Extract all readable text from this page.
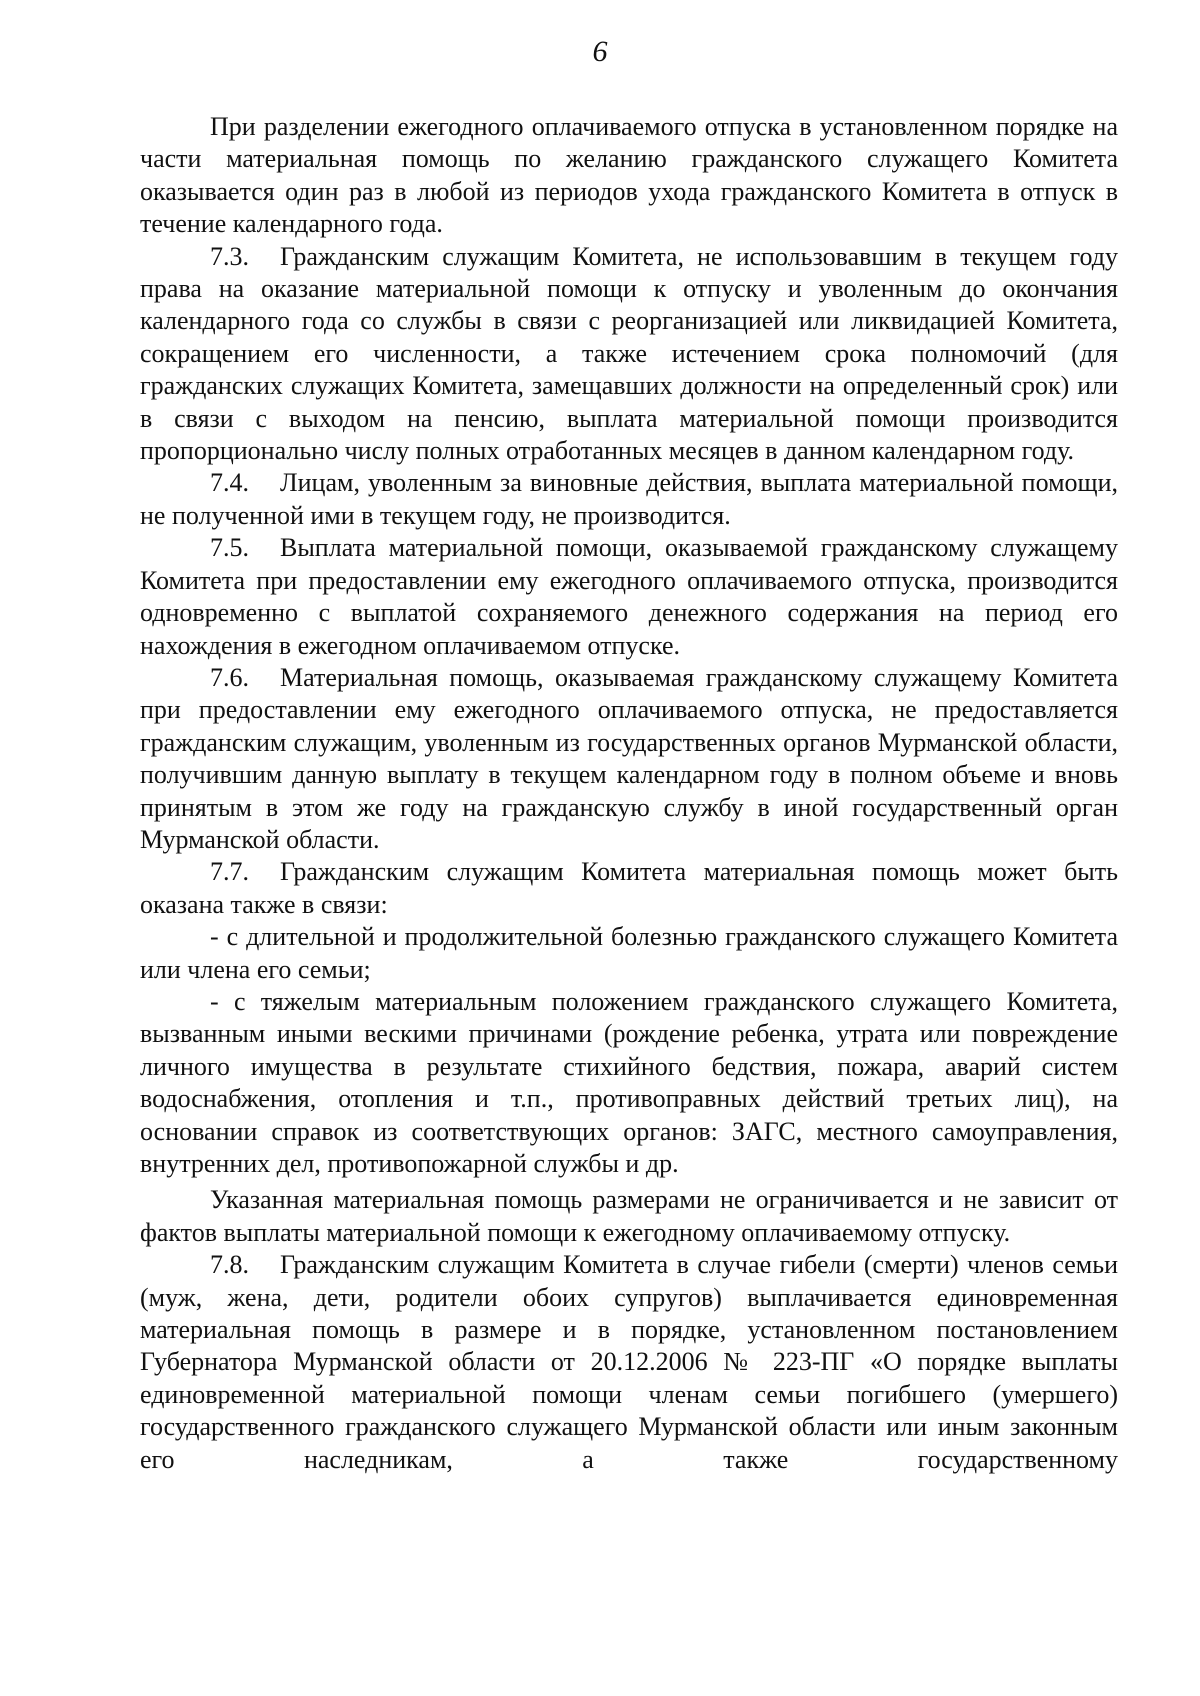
6

При разделении ежегодного оплачиваемого отпуска в установленном порядке на части материальная помощь по желанию гражданского служащего Комитета оказывается один раз в любой из периодов ухода гражданского Комитета в отпуск в течение календарного года.

7.3. Гражданским служащим Комитета, не использовавшим в текущем году права на оказание материальной помощи к отпуску и уволенным до окончания календарного года со службы в связи с реорганизацией или ликвидацией Комитета, сокращением его численности, а также истечением срока полномочий (для гражданских служащих Комитета, замещавших должности на определенный срок) или в связи с выходом на пенсию, выплата материальной помощи производится пропорционально числу полных отработанных месяцев в данном календарном году.

7.4. Лицам, уволенным за виновные действия, выплата материальной помощи, не полученной ими в текущем году, не производится.

7.5. Выплата материальной помощи, оказываемой гражданскому служащему Комитета при предоставлении ему ежегодного оплачиваемого отпуска, производится одновременно с выплатой сохраняемого денежного содержания на период его нахождения в ежегодном оплачиваемом отпуске.

7.6. Материальная помощь, оказываемая гражданскому служащему Комитета при предоставлении ему ежегодного оплачиваемого отпуска, не предоставляется гражданским служащим, уволенным из государственных органов Мурманской области, получившим данную выплату в текущем календарном году в полном объеме и вновь принятым в этом же году на гражданскую службу в иной государственный орган Мурманской области.

7.7. Гражданским служащим Комитета материальная помощь может быть оказана также в связи:

- с длительной и продолжительной болезнью гражданского служащего Комитета или члена его семьи;

- с тяжелым материальным положением гражданского служащего Комитета, вызванным иными вескими причинами (рождение ребенка, утрата или повреждение личного имущества в результате стихийного бедствия, пожара, аварий систем водоснабжения, отопления и т.п., противоправных действий третьих лиц), на основании справок из соответствующих органов: ЗАГС, местного самоуправления, внутренних дел, противопожарной службы и др.

Указанная материальная помощь размерами не ограничивается и не зависит от фактов выплаты материальной помощи к ежегодному оплачиваемому отпуску.

7.8. Гражданским служащим Комитета в случае гибели (смерти) членов семьи (муж, жена, дети, родители обоих супругов) выплачивается единовременная материальная помощь в размере и в порядке, установленном постановлением Губернатора Мурманской области от 20.12.2006 № 223-ПГ «О порядке выплаты единовременной материальной помощи членам семьи погибшего (умершего) государственного гражданского служащего Мурманской области или иным законным его наследникам, а также государственному
